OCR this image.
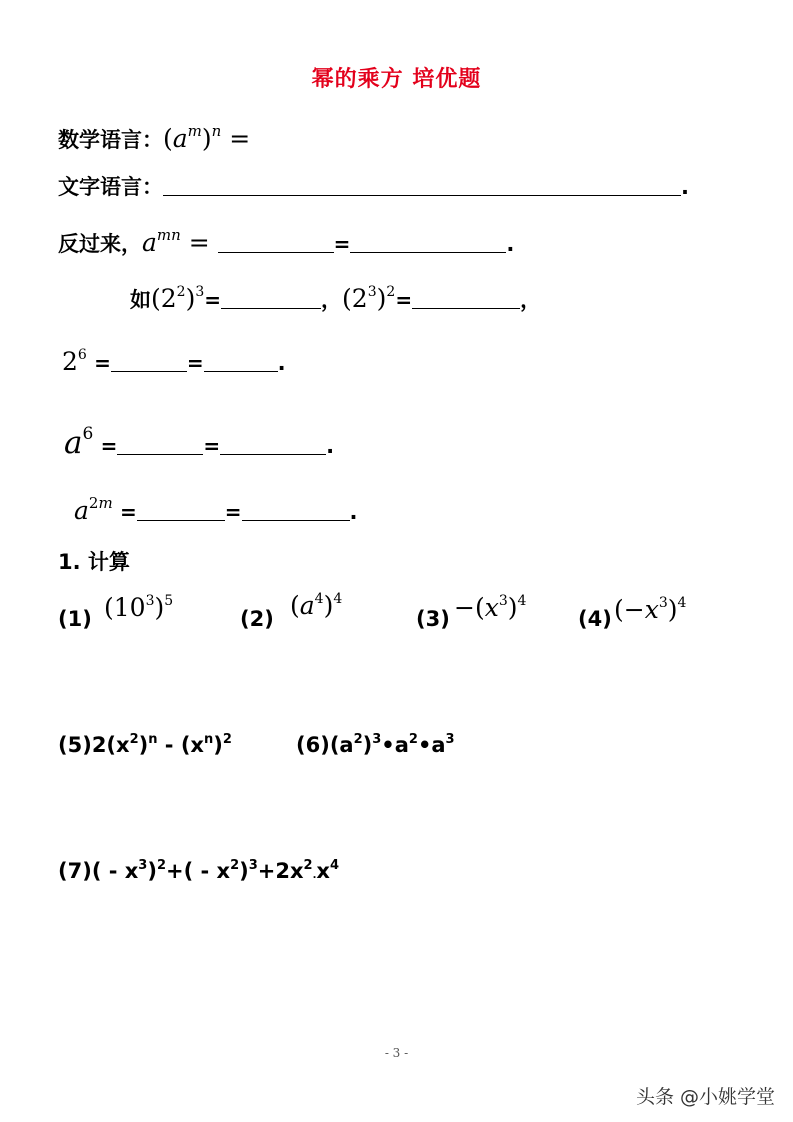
幂的乘方 培优题
数学语言：$(a^m)^n$ =
文字语言：	.
反过来，$a^{mn}$ =	=	.
如$(2^2)^3=$	，$(2^3)^2=$	，
$2^6$ =	=	.
$a^6$ =	=	.
$a^{2m}$ =	=	.
1. 计算
(1) $(10^3)^5$
(2) $(a^4)^4$
$(3) -(x^3)^4$
(4) $(-x^3)^4$
$(5)2(x^2)^n - (x^n)^2$	$(6)(a^2)^3•a^2•a^3$
$(7)( - x^3)^2+( - x^2)^3+2x^2.x^4$
- 3 -
头条 @小姚学堂
